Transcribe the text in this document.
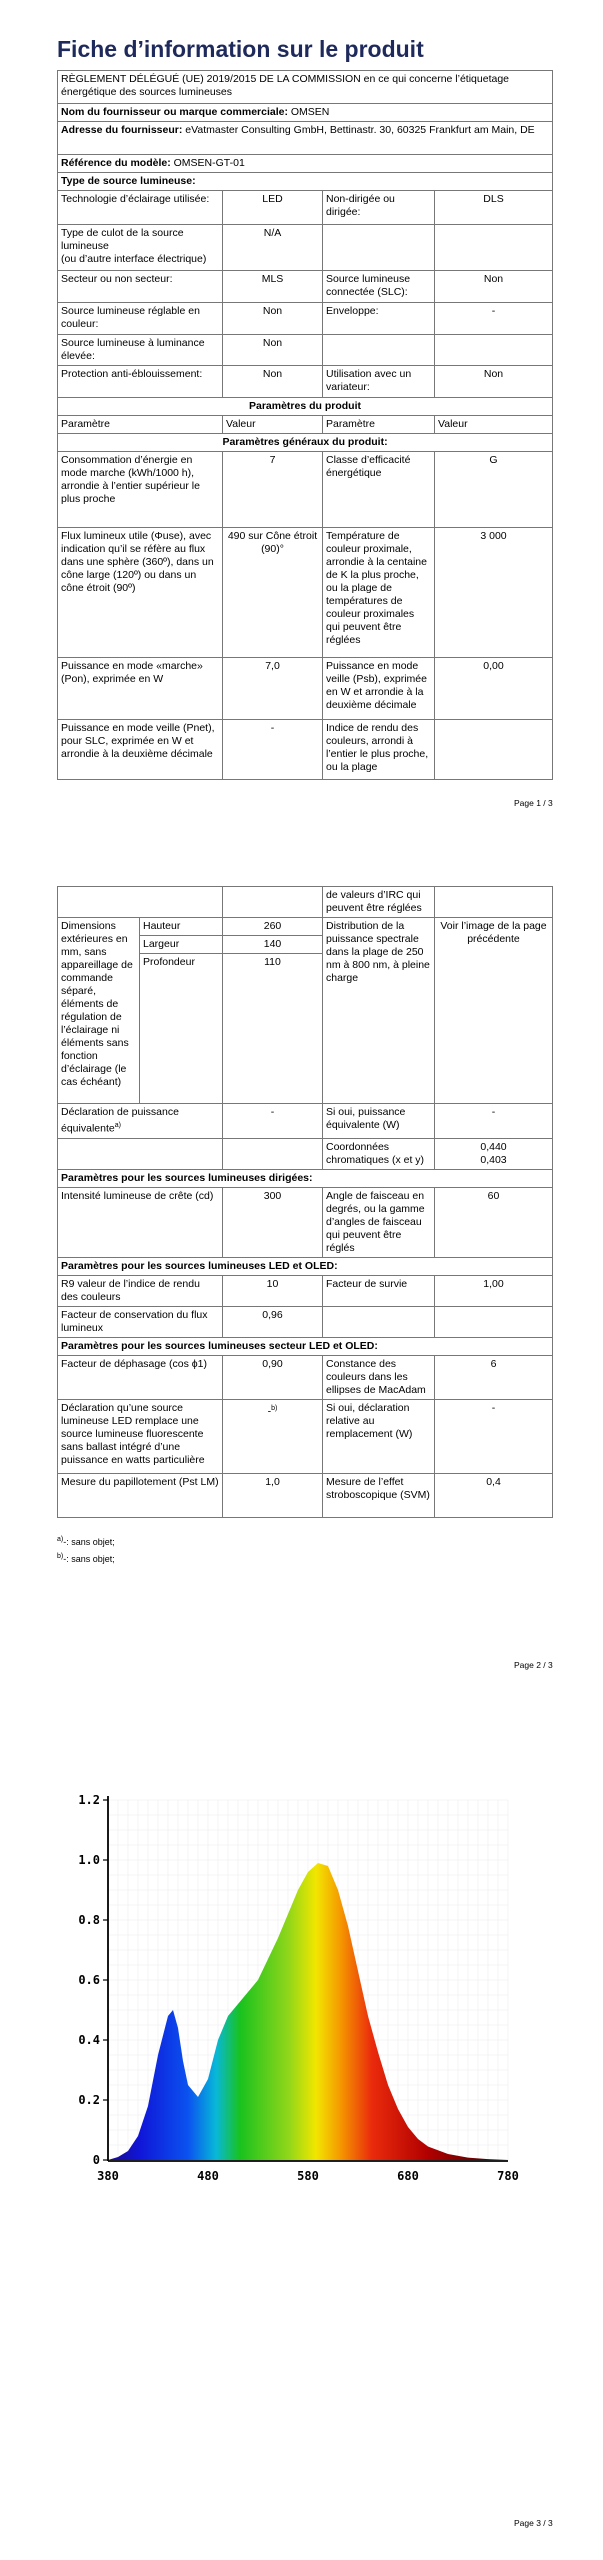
Fiche d’information sur le produit
RÈGLEMENT DÉLÉGUÉ (UE) 2019/2015 DE LA COMMISSION en ce qui concerne l’étiquetage énergétique des sources lumineuses			
Nom du fournisseur ou marque commerciale: OMSEN			
Adresse du fournisseur: eVatmaster Consulting GmbH, Bettinastr. 30, 60325 Frankfurt am Main, DE			
Référence du modèle: OMSEN-GT-01			
Type de source lumineuse:			
Technologie d’éclairage utilisée:	LED	Non-dirigée ou dirigée:	DLS

Type de culot de la source lumineuse
(ou d’autre interface électrique)	N/A		
Secteur ou non secteur:	MLS	Source lumineuse connectée (SLC):	Non
Source lumineuse réglable en couleur:	Non	Enveloppe:	-
Source lumineuse à luminance élevée:	Non		
Protection anti-éblouissement:	Non	Utilisation avec un variateur:	Non
Paramètres du produit			
Paramètre	Valeur	Paramètre	Valeur
Paramètres généraux du produit:			
Consommation d’énergie en mode marche (kWh/1000 h), arrondie à l’entier supérieur le plus proche	7	Classe d’efficacité énergétique	G
Flux lumineux utile (Φuse), avec indication qu’il se réfère au flux dans une sphère (360º), dans un cône large (120º) ou dans un cône étroit (90º)	490 sur Cône étroit (90)°	Température de couleur proximale, arrondie à la centaine de K la plus proche, ou la plage de températures de couleur proximales qui peuvent être réglées	3 000
Puissance en mode «marche» (Pon), exprimée en W	7,0	Puissance en mode veille (Psb), exprimée en W et arrondie à la deuxième décimale	0,00
Puissance en mode veille (Pnet), pour SLC, exprimée en W et arrondie à la deuxième décimale	-	Indice de rendu des couleurs, arrondi à l’entier le plus proche, ou la plage	
Page 1 / 3
			de valeurs d’IRC qui peuvent être réglées	
Dimensions extérieures en mm, sans appareillage de commande séparé, éléments de régulation de l’éclairage ni éléments sans fonction d’éclairage (le cas échéant)	Hauteur	260	Distribution de la puissance spectrale dans la plage de 250 nm à 800 nm, à pleine charge	Voir l’image de la page précédente
	Largeur	140		
	Profondeur	110		
Déclaration de puissance équivalente$^{a)}$		-	Si oui, puissance équivalente (W)	-
			Coordonnées chromatiques (x et y)	0,440
0,403

Paramètres pour les sources lumineuses dirigées:				
Intensité lumineuse de crête (cd)		300	Angle de faisceau en degrés, ou la gamme d’angles de faisceau qui peuvent être réglés	60
Paramètres pour les sources lumineuses LED et OLED:				
R9 valeur de l’indice de rendu des couleurs		10	Facteur de survie	1,00
Facteur de conservation du flux lumineux		0,96		
Paramètres pour les sources lumineuses secteur LED et OLED:				
Facteur de déphasage (cos ϕ1)		0,90	Constance des couleurs dans les ellipses de MacAdam	6
Déclaration qu’une source lumineuse LED remplace une source lumineuse fluorescente sans ballast intégré d’une puissance en watts particulière		-$^{b)}$	Si oui, déclaration relative au remplacement (W)	-
Mesure du papillotement (Pst LM)		1,0	Mesure de l’effet stroboscopique (SVM)	0,4
$^{a)}$-: sans objet;
$^{b)}$-: sans objet;
Page 2 / 3
0
0.2
0.4
0.6
0.8
1.0
1.2
380	480	580	680	780
Page 3 / 3
